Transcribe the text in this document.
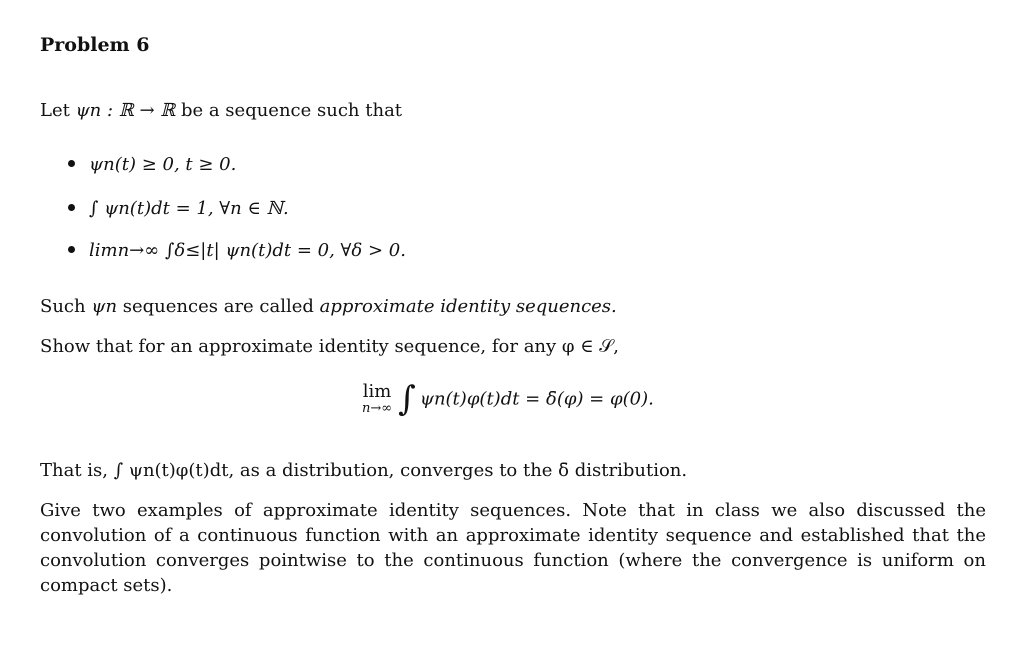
Problem 6
Let ψn : ℝ → ℝ be a sequence such that
ψn(t) ≥ 0, t ≥ 0.
∫ ψn(t)dt = 1, ∀n ∈ ℕ.
limn→∞ ∫δ≤|t| ψn(t)dt = 0, ∀δ > 0.
Such ψn sequences are called approximate identity sequences.
Show that for an approximate identity sequence, for any φ ∈ 𝒮,
lim
n→∞ ∫ ψn(t)φ(t)dt = δ̄(φ) = φ(0).
That is, ∫ ψn(t)φ(t)dt, as a distribution, converges to the δ̄ distribution.
Give two examples of approximate identity sequences. Note that in class we also discussed the convolution of a continuous function with an approximate identity sequence and established that the convolution converges pointwise to the continuous function (where the convergence is uniform on compact sets).
